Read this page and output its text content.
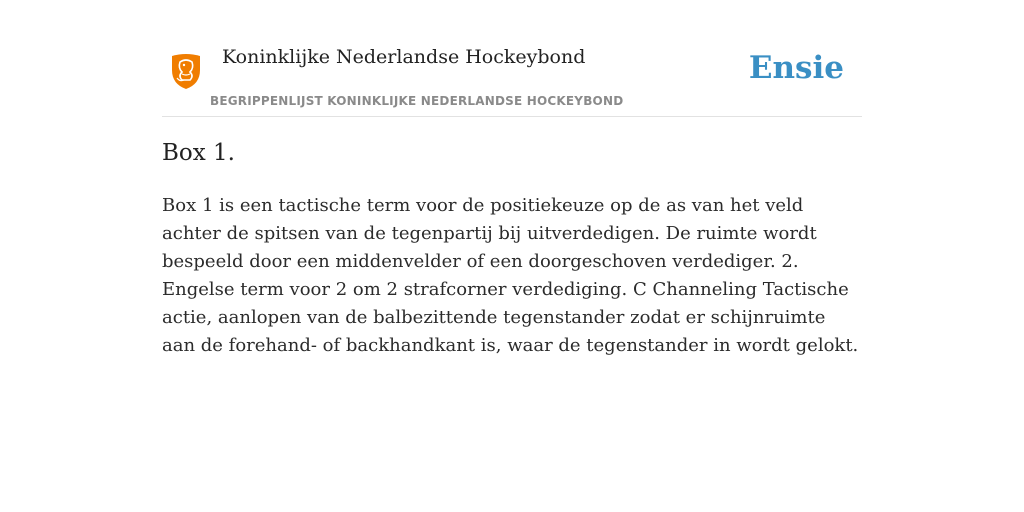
Koninklijke Nederlandse Hockeybond
BEGRIPPENLIJST KONINKLIJKE NEDERLANDSE HOCKEYBOND
Ensie
Box 1.

Box 1 is een tactische term voor de positiekeuze op de as van het veld achter de spitsen van de tegenpartij bij uitverdedigen. De ruimte wordt bespeeld door een middenvelder of een doorgeschoven verdediger. 2. Engelse term voor 2 om 2 strafcorner verdediging. C Channeling Tactische actie, aanlopen van de balbezittende tegenstander zodat er schijnruimte aan de forehand- of backhandkant is, waar de tegenstander in wordt gelokt.
